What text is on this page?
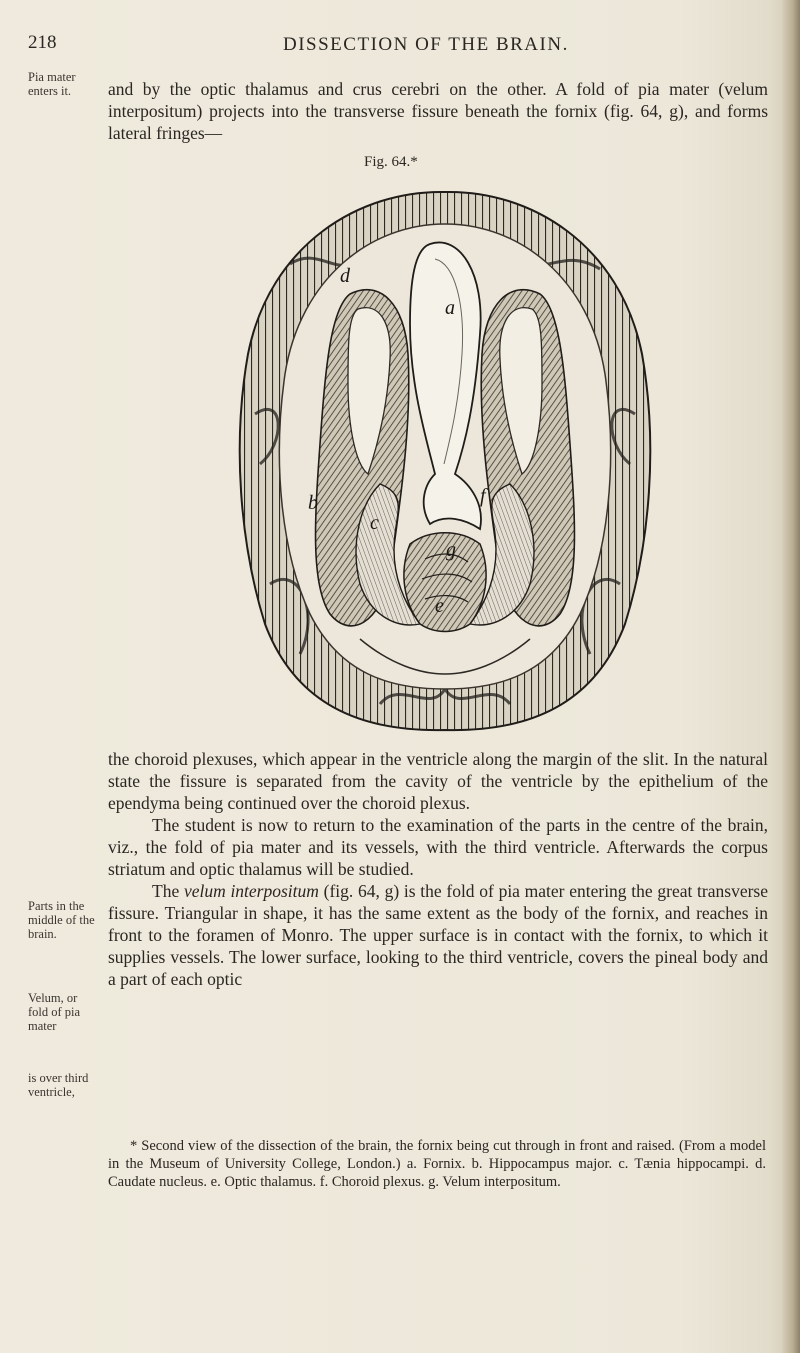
218	DISSECTION OF THE BRAIN.
Pia mater enters it.
Parts in the middle of the brain.
Velum, or fold of pia mater
is over third ventricle,

and by the optic thalamus and crus cerebri on the other. A fold of pia mater (velum interpositum) projects into the transverse fissure beneath the fornix (fig. 64, g), and forms lateral fringes—

Fig. 64.*
d
b
a
c
e
f
g

the choroid plexuses, which appear in the ventricle along the margin of the slit. In the natural state the fissure is separated from the cavity of the ventricle by the epithelium of the ependyma being continued over the choroid plexus.

The student is now to return to the examination of the parts in the centre of the brain, viz., the fold of pia mater and its vessels, with the third ventricle. Afterwards the corpus striatum and optic thalamus will be studied.

The velum interpositum (fig. 64, g) is the fold of pia mater entering the great transverse fissure. Triangular in shape, it has the same extent as the body of the fornix, and reaches in front to the foramen of Monro. The upper surface is in contact with the fornix, to which it supplies vessels. The lower surface, looking to the third ventricle, covers the pineal body and a part of each optic

* Second view of the dissection of the brain, the fornix being cut through in front and raised. (From a model in the Museum of University College, London.) a. Fornix. b. Hippocampus major. c. Tænia hippocampi. d. Caudate nucleus. e. Optic thalamus. f. Choroid plexus. g. Velum interpositum.
